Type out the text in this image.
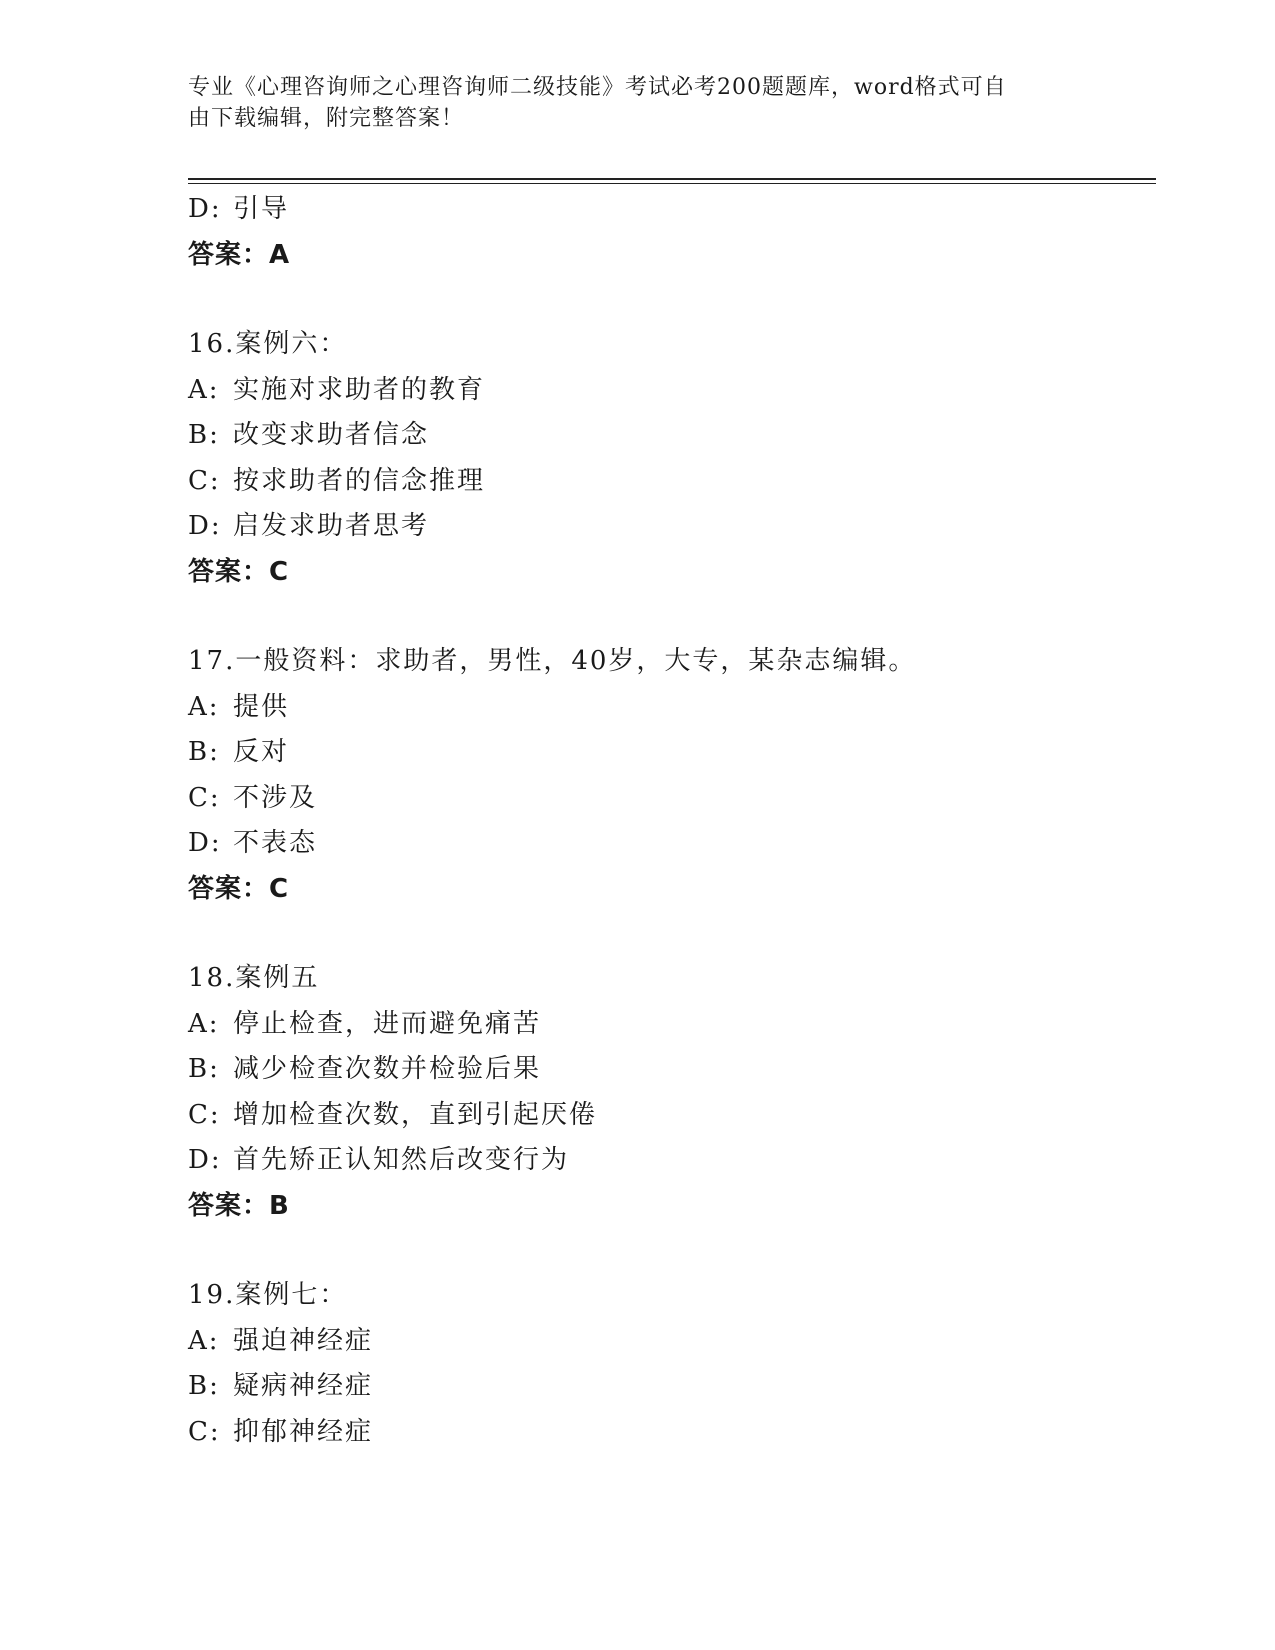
专业《心理咨询师之心理咨询师二级技能》考试必考200题题库，word格式可自
由下载编辑，附完整答案！
D: 引导
答案：A
16.案例六：
A: 实施对求助者的教育
B: 改变求助者信念
C: 按求助者的信念推理
D: 启发求助者思考
答案：C
17.一般资料：求助者，男性，40岁，大专，某杂志编辑。
A: 提供
B: 反对
C: 不涉及
D: 不表态
答案：C
18.案例五
A: 停止检查，进而避免痛苦
B: 减少检查次数并检验后果
C: 增加检查次数，直到引起厌倦
D: 首先矫正认知然后改变行为
答案：B
19.案例七：
A: 强迫神经症
B: 疑病神经症
C: 抑郁神经症
